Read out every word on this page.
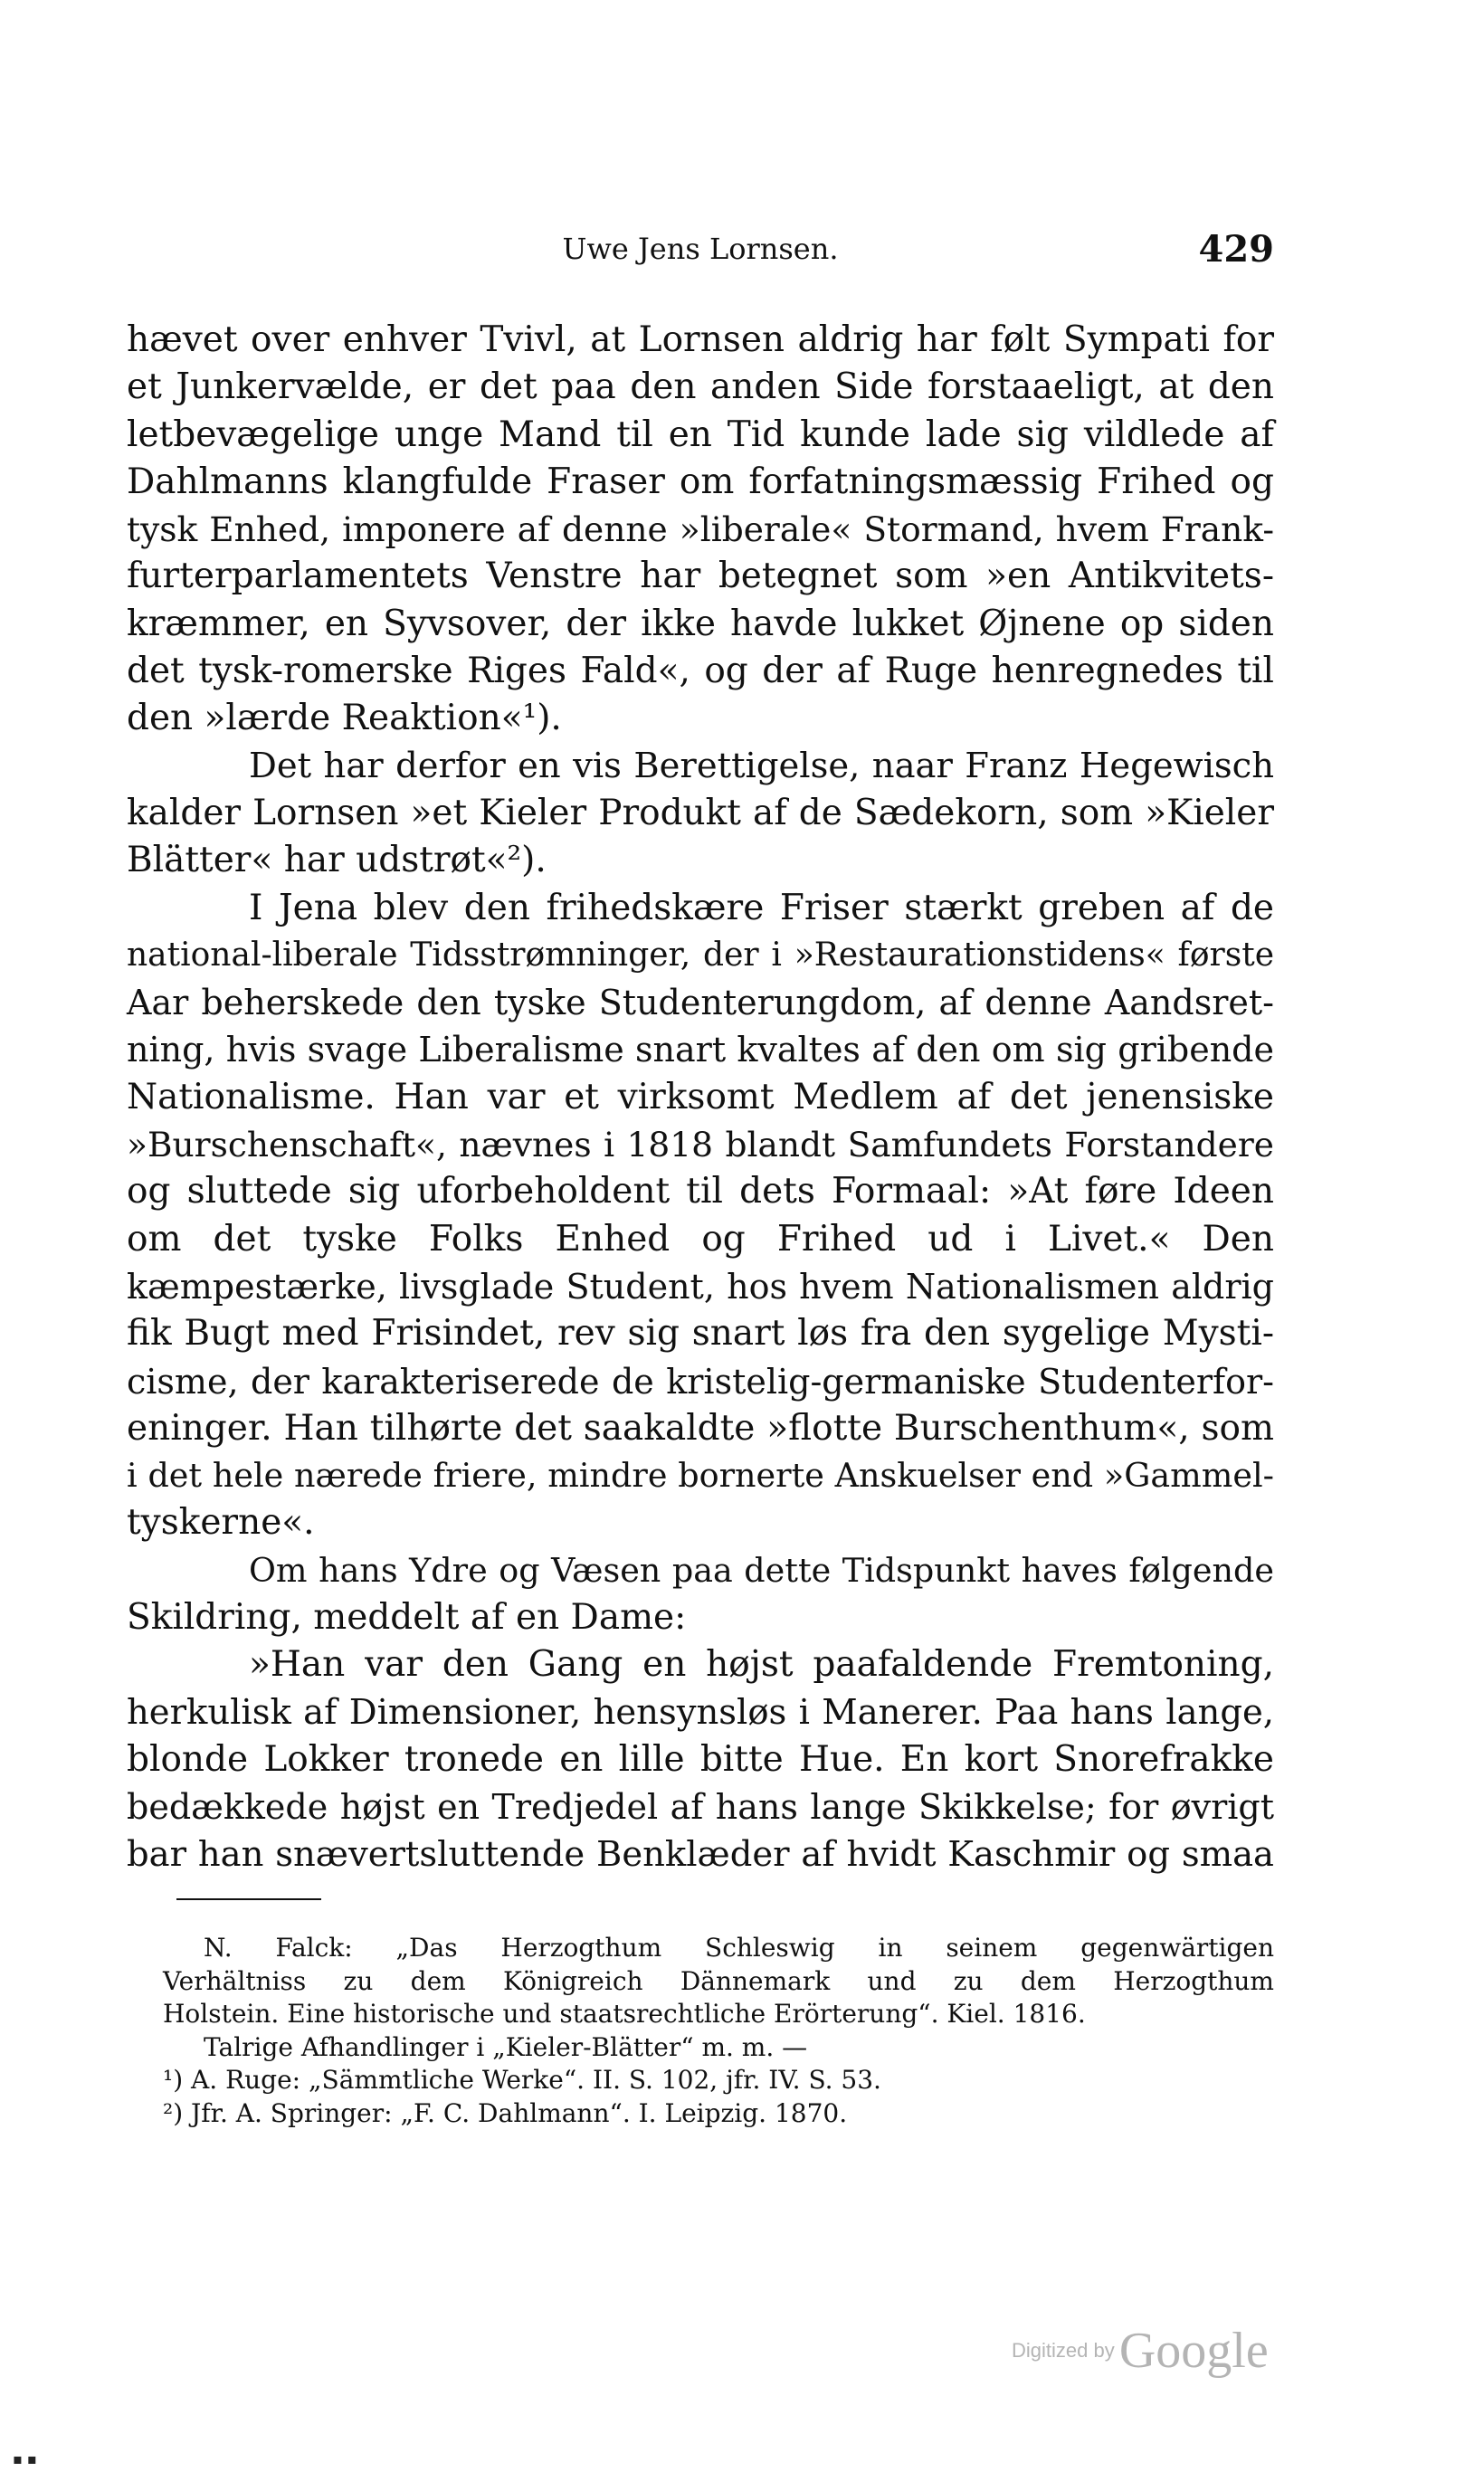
Uwe Jens Lornsen.	429
hævet over enhver Tvivl, at Lornsen aldrig har følt Sympati for
et Junkervælde, er det paa den anden Side forstaaeligt, at den
letbevægelige unge Mand til en Tid kunde lade sig vildlede af
Dahlmanns klangfulde Fraser om forfatningsmæssig Frihed og
tysk Enhed, imponere af denne »liberale« Stormand, hvem Frank-
furterparlamentets Venstre har betegnet som »en Antikvitets-
kræmmer, en Syvsover, der ikke havde lukket Øjnene op siden
det tysk-romerske Riges Fald«, og der af Ruge henregnedes til
den »lærde Reaktion«¹).
Det har derfor en vis Berettigelse, naar Franz Hegewisch
kalder Lornsen »et Kieler Produkt af de Sædekorn, som »Kieler
Blätter« har udstrøt«²).
I Jena blev den frihedskære Friser stærkt greben af de
national-liberale Tidsstrømninger, der i »Restaurationstidens« første
Aar beherskede den tyske Studenterungdom, af denne Aandsret-
ning, hvis svage Liberalisme snart kvaltes af den om sig gribende
Nationalisme. Han var et virksomt Medlem af det jenensiske
»Burschenschaft«, nævnes i 1818 blandt Samfundets Forstandere
og sluttede sig uforbeholdent til dets Formaal: »At føre Ideen
om det tyske Folks Enhed og Frihed ud i Livet.« Den
kæmpestærke, livsglade Student, hos hvem Nationalismen aldrig
fik Bugt med Frisindet, rev sig snart løs fra den sygelige Mysti-
cisme, der karakteriserede de kristelig-germaniske Studenterfor-
eninger. Han tilhørte det saakaldte »flotte Burschenthum«, som
i det hele nærede friere, mindre bornerte Anskuelser end »Gammel-
tyskerne«.
Om hans Ydre og Væsen paa dette Tidspunkt haves følgende
Skildring, meddelt af en Dame:
»Han var den Gang en højst paafaldende Fremtoning,
herkulisk af Dimensioner, hensynsløs i Manerer. Paa hans lange,
blonde Lokker tronede en lille bitte Hue. En kort Snorefrakke
bedækkede højst en Tredjedel af hans lange Skikkelse; for øvrigt
bar han snævertsluttende Benklæder af hvidt Kaschmir og smaa
N. Falck: „Das Herzogthum Schleswig in seinem gegenwärtigen
Verhältniss zu dem Königreich Dännemark und zu dem Herzogthum
Holstein. Eine historische und staatsrechtliche Erörterung“. Kiel. 1816.
Talrige Afhandlinger i „Kieler-Blätter“ m. m. —
¹) A. Ruge: „Sämmtliche Werke“. II. S. 102, jfr. IV. S. 53.
²) Jfr. A. Springer: „F. C. Dahlmann“. I. Leipzig. 1870.
Digitized by Google
▪ ▪
